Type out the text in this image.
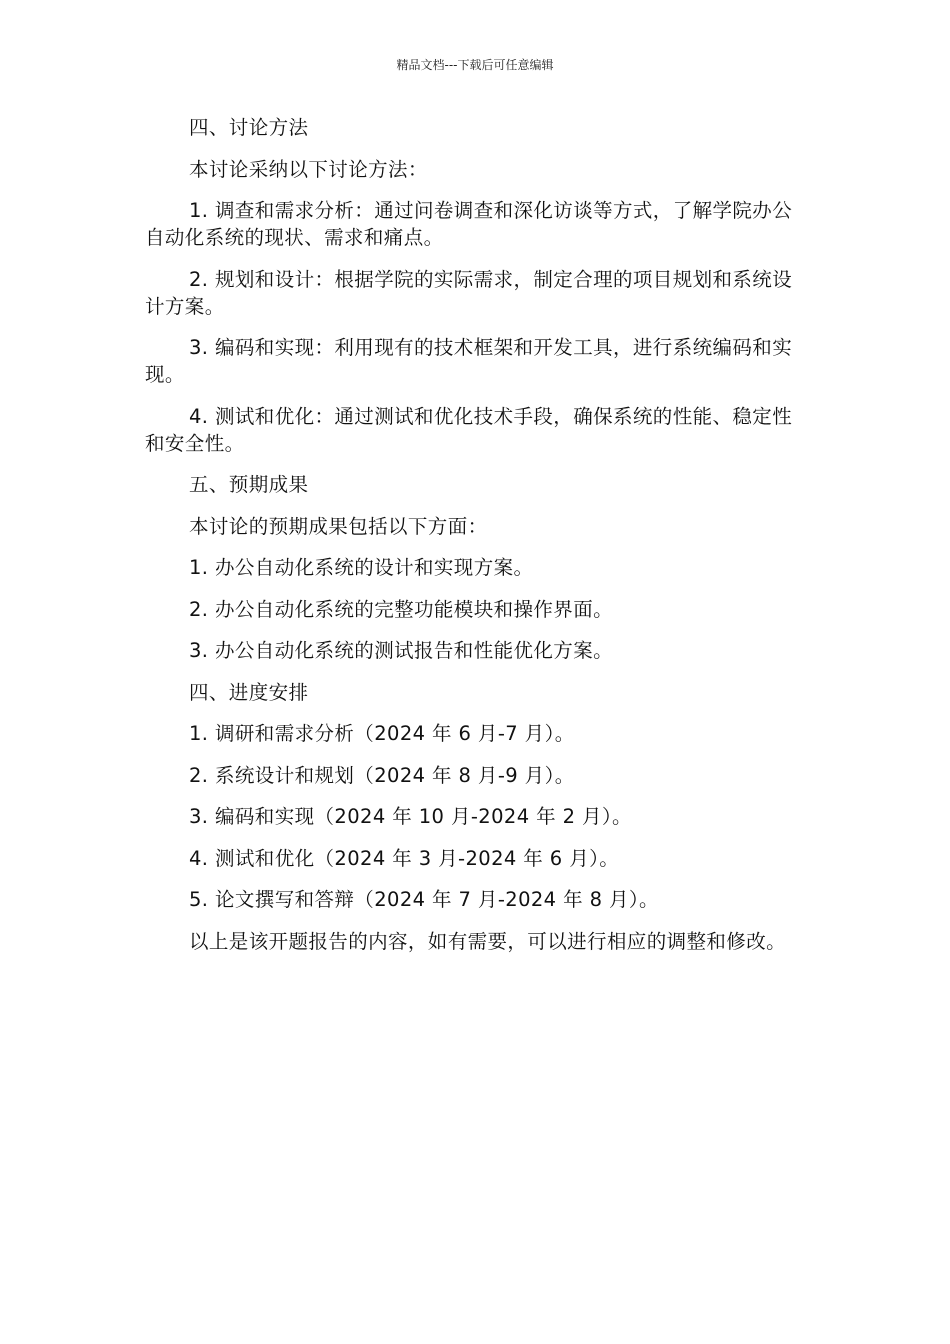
精品文档---下载后可任意编辑

四、讨论方法

本讨论采纳以下讨论方法：

1. 调查和需求分析：通过问卷调查和深化访谈等方式，了解学院办公自动化系统的现状、需求和痛点。

2. 规划和设计：根据学院的实际需求，制定合理的项目规划和系统设计方案。

3. 编码和实现：利用现有的技术框架和开发工具，进行系统编码和实现。

4. 测试和优化：通过测试和优化技术手段，确保系统的性能、稳定性和安全性。

五、预期成果

本讨论的预期成果包括以下方面：

1. 办公自动化系统的设计和实现方案。

2. 办公自动化系统的完整功能模块和操作界面。

3. 办公自动化系统的测试报告和性能优化方案。

四、进度安排

1. 调研和需求分析（2024 年 6 月-7 月）。

2. 系统设计和规划（2024 年 8 月-9 月）。

3. 编码和实现（2024 年 10 月-2024 年 2 月）。

4. 测试和优化（2024 年 3 月-2024 年 6 月）。

5. 论文撰写和答辩（2024 年 7 月-2024 年 8 月）。

以上是该开题报告的内容，如有需要，可以进行相应的调整和修改。
